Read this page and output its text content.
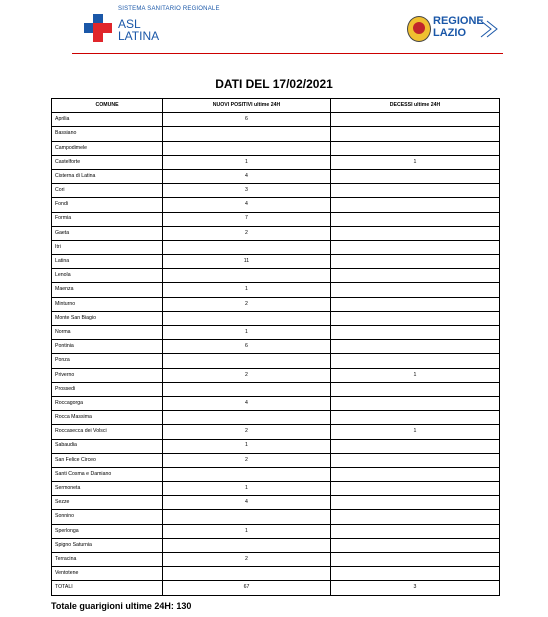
SISTEMA SANITARIO REGIONALE
ASL
LATINA
REGIONE
LAZIO
DATI DEL 17/02/2021
COMUNE	NUOVI POSITIVI ultime 24H	DECESSI ultime 24H
Aprilia	6	
Bassiano		
Campodimele		
Castelforte	1	1
Cisterna di Latina	4	
Cori	3	
Fondi	4	
Formia	7	
Gaeta	2	
Itri		
Latina	11	
Lenola		
Maenza	1	
Minturno	2	
Monte San Biagio		
Norma	1	
Pontinia	6	
Ponza		
Priverno	2	1
Prossedi		
Roccagorga	4	
Rocca Massima		
Roccasecca dei Volsci	2	1
Sabaudia	1	
San Felice Circeo	2	
Santi Cosma e Damiano		
Sermoneta	1	
Sezze	4	
Sonnino		
Sperlonga	1	
Spigno Saturnia		
Terracina	2	
Ventotene		
TOTALI	67	3
Totale guarigioni ultime 24H: 130
